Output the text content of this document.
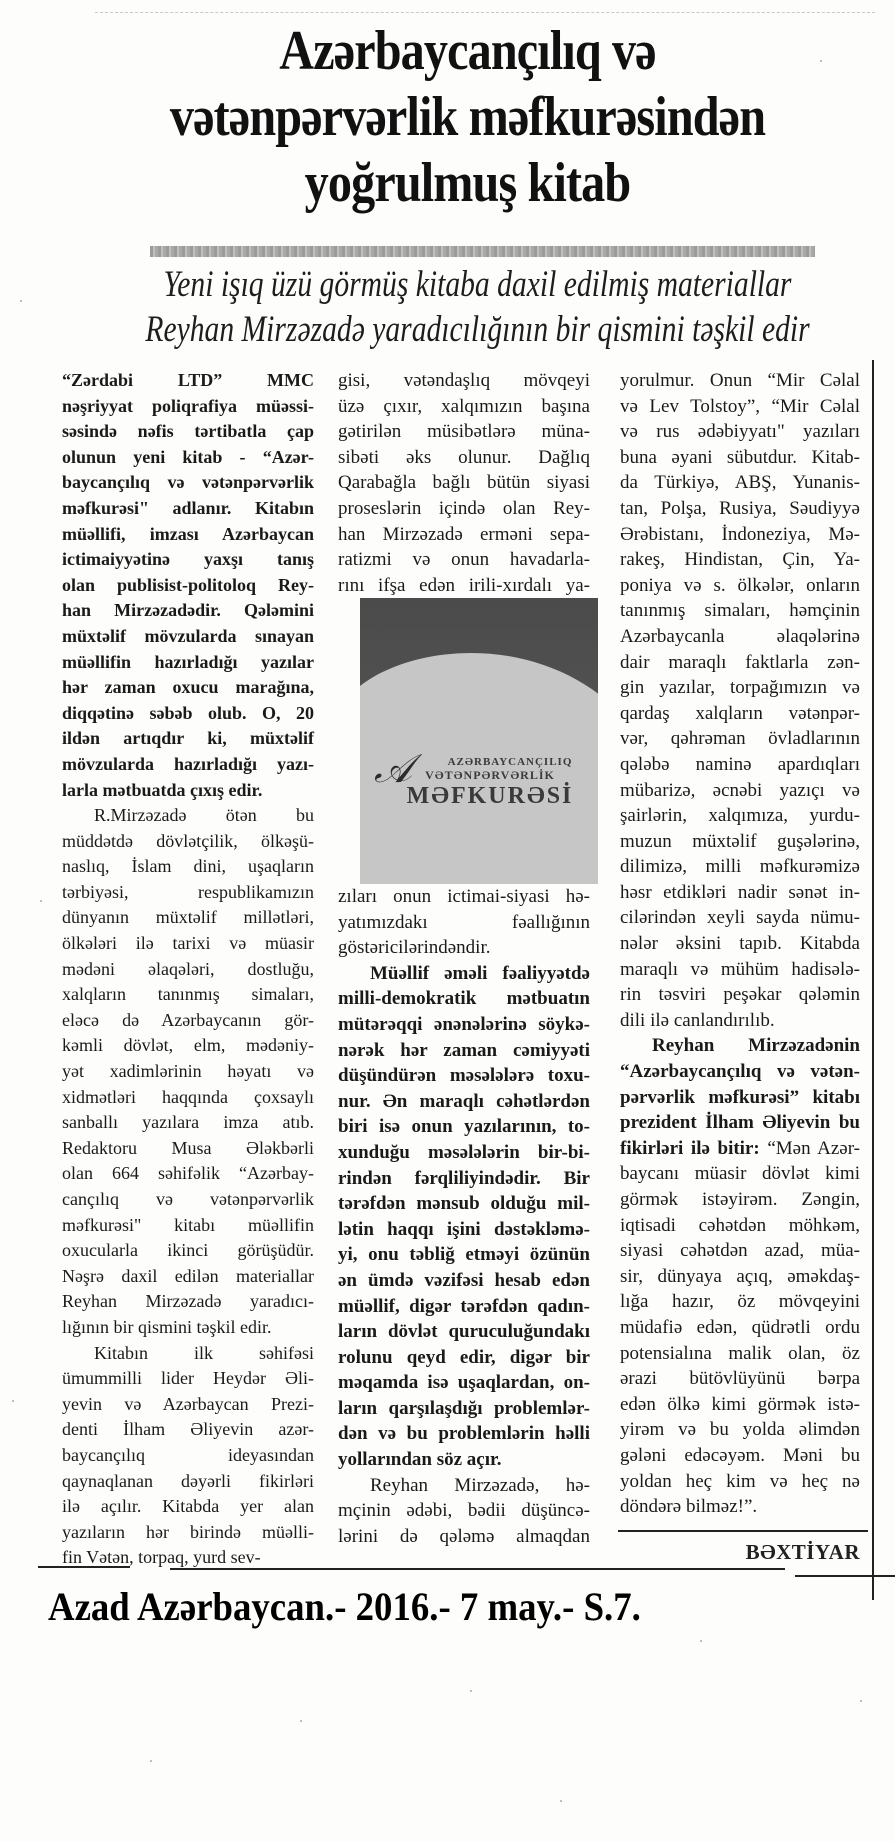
Azərbaycançılıq və
vətənpərvərlik məfkurəsindən
yoğrulmuş kitab
Yeni işıq üzü görmüş kitaba daxil edilmiş materiallar
Reyhan Mirzəzadə yaradıcılığının bir qismini təşkil edir
“Zərdabi LTD” MMC
nəşriyyat poliqrafiya müəssi-
səsində nəfis tərtibatla çap
olunun yeni kitab - “Azər-
baycançılıq və vətənpərvərlik
məfkurəsi" adlanır. Kitabın
müəllifi, imzası Azərbaycan
ictimaiyyətinə yaxşı tanış
olan publisist-politoloq Rey-
han Mirzəzadədir. Qələmini
müxtəlif mövzularda sınayan
müəllifin hazırladığı yazılar
hər zaman oxucu marağına,
diqqətinə səbəb olub. O, 20
ildən artıqdır ki, müxtəlif
mövzularda hazırladığı yazı-
larla mətbuatda çıxış edir.
R.Mirzəzadə ötən bu
müddətdə dövlətçilik, ölkəşü-
naslıq, İslam dini, uşaqların
tərbiyəsi, respublikamızın
dünyanın müxtəlif millətləri,
ölkələri ilə tarixi və müasir
mədəni əlaqələri, dostluğu,
xalqların tanınmış simaları,
eləcə də Azərbaycanın gör-
kəmli dövlət, elm, mədəniy-
yət xadimlərinin həyatı və
xidmətləri haqqında çoxsaylı
sanballı yazılara imza atıb.
Redaktoru Musa Ələkbərli
olan 664 səhifəlik “Azərbay-
cançılıq və vətənpərvərlik
məfkurəsi" kitabı müəllifin
oxucularla ikinci görüşüdür.
Nəşrə daxil edilən materiallar
Reyhan Mirzəzadə yaradıcı-
lığının bir qismini təşkil edir.
Kitabın ilk səhifəsi
ümummilli lider Heydər Əli-
yevin və Azərbaycan Prezi-
denti İlham Əliyevin azər-
baycançılıq ideyasından
qaynaqlanan dəyərli fikirləri
ilə açılır. Kitabda yer alan
yazıların hər birində müəlli-
fin Vətən, torpaq, yurd sev-
gisi, vətəndaşlıq mövqeyi
üzə çıxır, xalqımızın başına
gətirilən müsibətlərə müna-
sibəti əks olunur. Dağlıq
Qarabağla bağlı bütün siyasi
proseslərin içində olan Rey-
han Mirzəzadə erməni sepa-
ratizmi və onun havadarla-
rını ifşa edən irili-xırdalı ya-
𝒜	AZƏRBAYCANÇILIQ
VƏTƏNPƏRVƏRLİK
MƏFKURƏSİ
zıları onun ictimai-siyasi hə-
yatımızdakı fəallığının
göstəricilərindəndir.
Müəllif əməli fəaliyyətdə
milli-demokratik mətbuatın
mütərəqqi ənənələrinə söykə-
nərək hər zaman cəmiyyəti
düşündürən məsələlərə toxu-
nur. Ən maraqlı cəhətlərdən
biri isə onun yazılarının, to-
xunduğu məsələlərin bir-bi-
rindən fərqliliyindədir. Bir
tərəfdən mənsub olduğu mil-
lətin haqqı işini dəstəkləmə-
yi, onu təbliğ etməyi özünün
ən ümdə vəzifəsi hesab edən
müəllif, digər tərəfdən qadın-
ların dövlət quruculuğundakı
rolunu qeyd edir, digər bir
məqamda isə uşaqlardan, on-
ların qarşılaşdığı problemlər-
dən və bu problemlərin həlli
yollarından söz açır.
Reyhan Mirzəzadə, hə-
mçinin ədəbi, bədii düşüncə-
lərini də qələmə almaqdan
yorulmur. Onun “Mir Cəlal
və Lev Tolstoy”, “Mir Cəlal
və rus ədəbiyyatı" yazıları
buna əyani sübutdur. Kitab-
da Türkiyə, ABŞ, Yunanis-
tan, Polşa, Rusiya, Səudiyyə
Ərəbistanı, İndoneziya, Mə-
rakeş, Hindistan, Çin, Ya-
poniya və s. ölkələr, onların
tanınmış simaları, həmçinin
Azərbaycanla əlaqələrinə
dair maraqlı faktlarla zən-
gin yazılar, torpağımızın və
qardaş xalqların vətənpər-
vər, qəhrəman övladlarının
qələbə naminə apardıqları
mübarizə, əcnəbi yazıçı və
şairlərin, xalqımıza, yurdu-
muzun müxtəlif guşələrinə,
dilimizə, milli məfkurəmizə
həsr etdikləri nadir sənət in-
cilərindən xeyli sayda nümu-
nələr əksini tapıb. Kitabda
maraqlı və mühüm hadisələ-
rin təsviri peşəkar qələmin
dili ilə canlandırılıb.
Reyhan Mirzəzadənin
“Azərbaycançılıq və vətən-
pərvərlik məfkurəsi” kitabı
prezident İlham Əliyevin bu
fikirləri ilə bitir: “Mən Azər-
baycanı müasir dövlət kimi
görmək istəyirəm. Zəngin,
iqtisadi cəhətdən möhkəm,
siyasi cəhətdən azad, müa-
sir, dünyaya açıq, əməkdaş-
lığa hazır, öz mövqeyini
müdafiə edən, qüdrətli ordu
potensialına malik olan, öz
ərazi bütövlüyünü bərpa
edən ölkə kimi görmək istə-
yirəm və bu yolda əlimdən
gələni edəcəyəm. Məni bu
yoldan heç kim və heç nə
döndərə bilməz!”.
BƏXTİYAR
Azad Azərbaycan.- 2016.- 7 may.- S.7.
